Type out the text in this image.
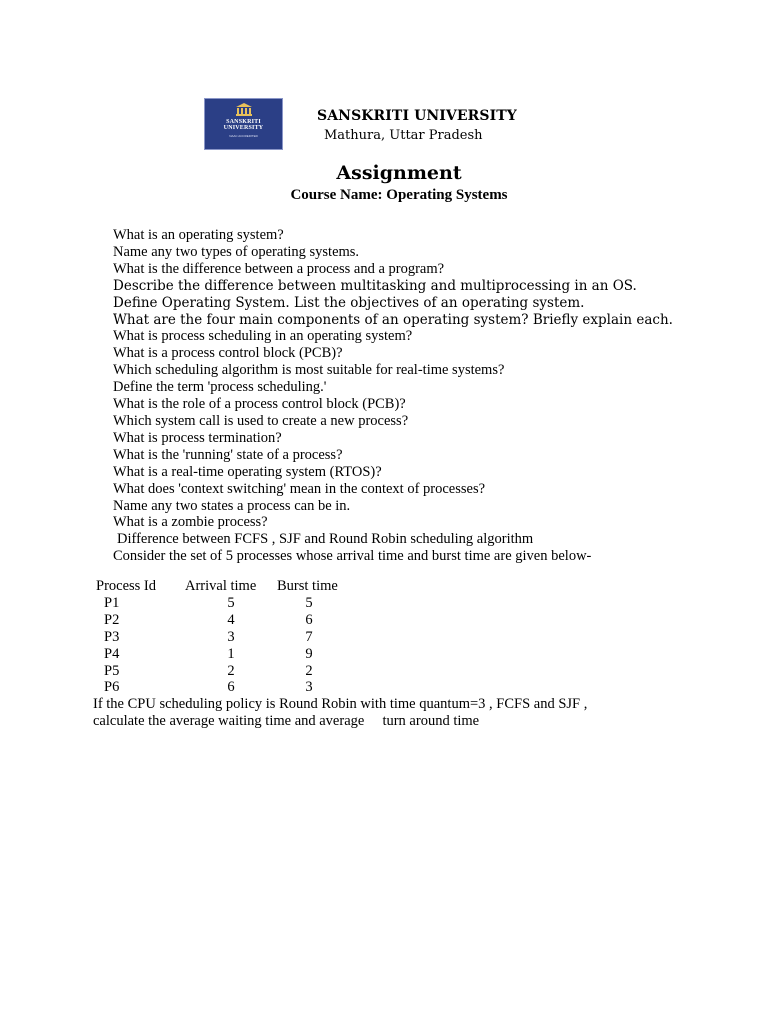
SANSKRITI
UNIVERSITY
NAAC ACCREDITED
SANSKRITI UNIVERSITY
Mathura, Uttar Pradesh
Assignment
Course Name: Operating Systems
What is an operating system?
Name any two types of operating systems.
What is the difference between a process and a program?
Describe the difference between multitasking and multiprocessing in an OS.
Define Operating System. List the objectives of an operating system.
What are the four main components of an operating system? Briefly explain each.
What is process scheduling in an operating system?
What is a process control block (PCB)?
Which scheduling algorithm is most suitable for real-time systems?
Define the term 'process scheduling.'
What is the role of a process control block (PCB)?
Which system call is used to create a new process?
What is process termination?
What is the 'running' state of a process?
What is a real-time operating system (RTOS)?
What does 'context switching' mean in the context of processes?
Name any two states a process can be in.
What is a zombie process?
Difference between FCFS , SJF and Round Robin scheduling algorithm
Consider the set of 5 processes whose arrival time and burst time are given below-
Process Id	Arrival time	Burst time
P1	5	5
P2	4	6
P3	3	7
P4	1	9
P5	2	2
P6	6	3

If the CPU scheduling policy is Round Robin with time quantum=3 , FCFS and SJF ,

calculate the average waiting time and average     turn around time
